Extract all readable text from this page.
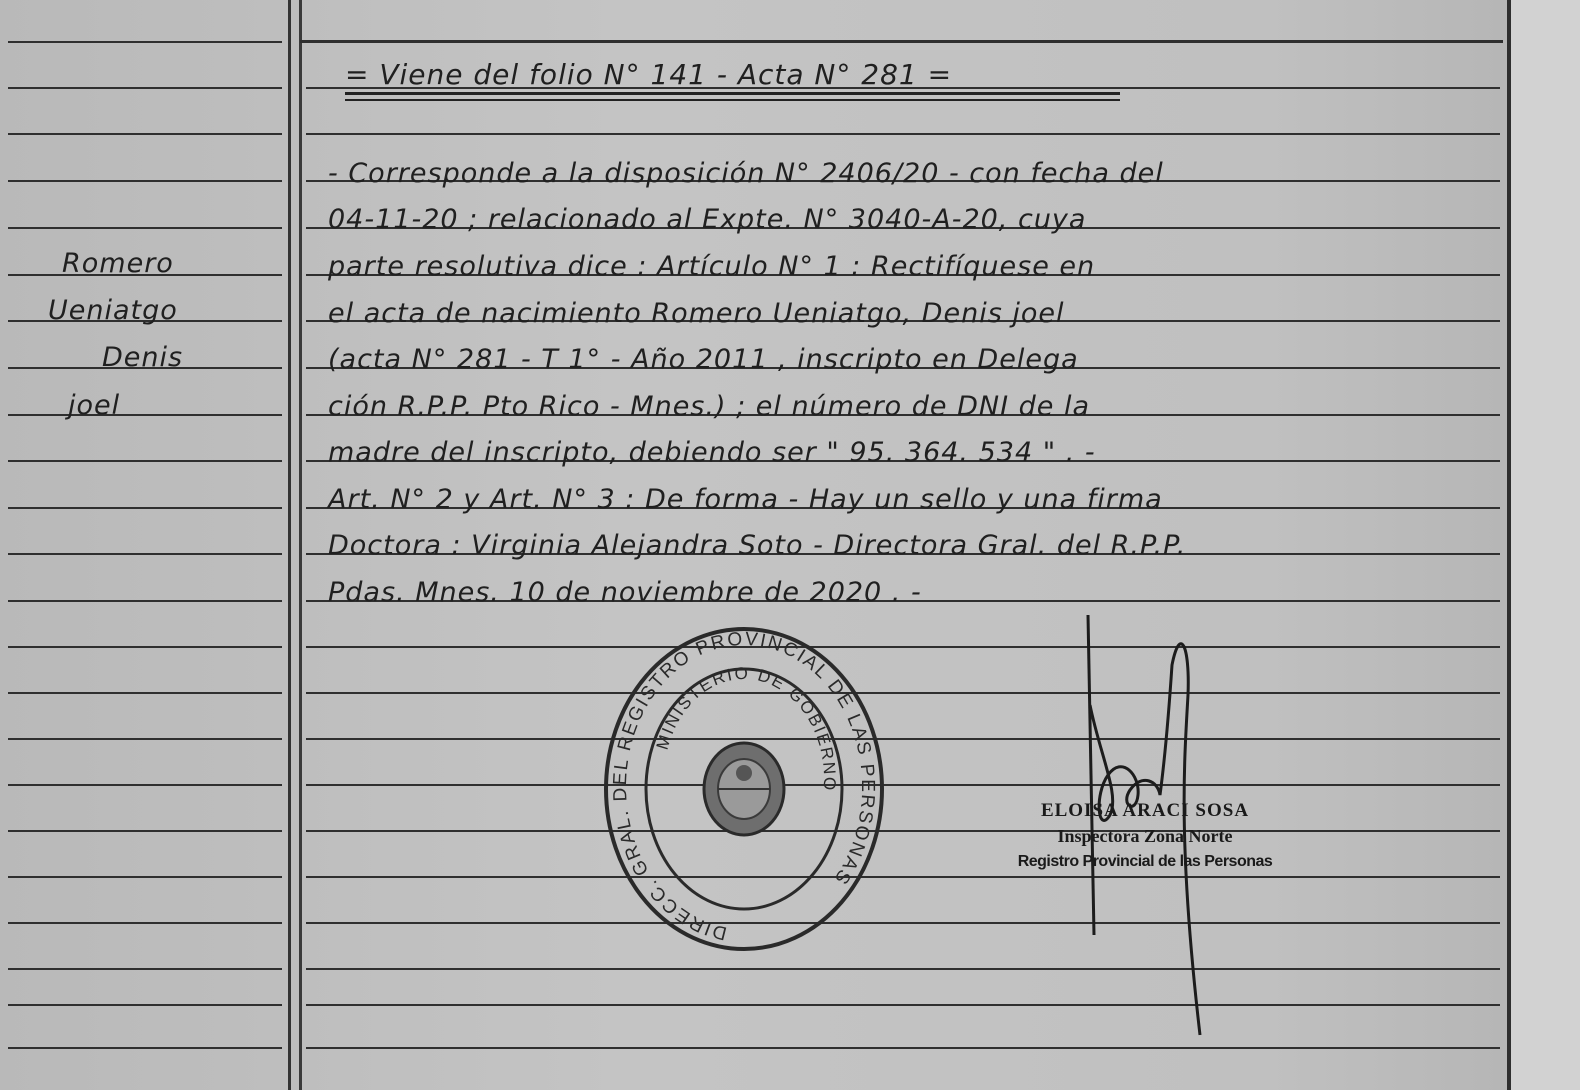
Romero
Ueniatgo
Denis
joel
= Viene del folio N° 141 - Acta N° 281 =
- Corresponde a la disposición N° 2406/20 - con fecha del
04-11-20 ; relacionado al Expte. N° 3040-A-20, cuya
parte resolutiva dice : Artículo N° 1 : Rectifíquese en
el acta de nacimiento Romero Ueniatgo, Denis joel
(acta N° 281 - T 1° - Año 2011 , inscripto en Delega
ción R.P.P. Pto Rico - Mnes.) ; el número de DNI de la
madre del inscripto, debiendo ser " 95. 364. 534 " . -
Art. N° 2 y Art. N° 3 : De forma - Hay un sello y una firma
Doctora : Virginia Alejandra Soto - Directora Gral. del R.P.P.
Pdas. Mnes. 10 de noviembre de 2020 . -
DIRECC. GRAL. DEL REGISTRO PROVINCIAL DE LAS PERSONAS
MINISTERIO DE GOBIERNO
ELOISA ARACI SOSA
Inspectora Zona Norte
Registro Provincial de las Personas
